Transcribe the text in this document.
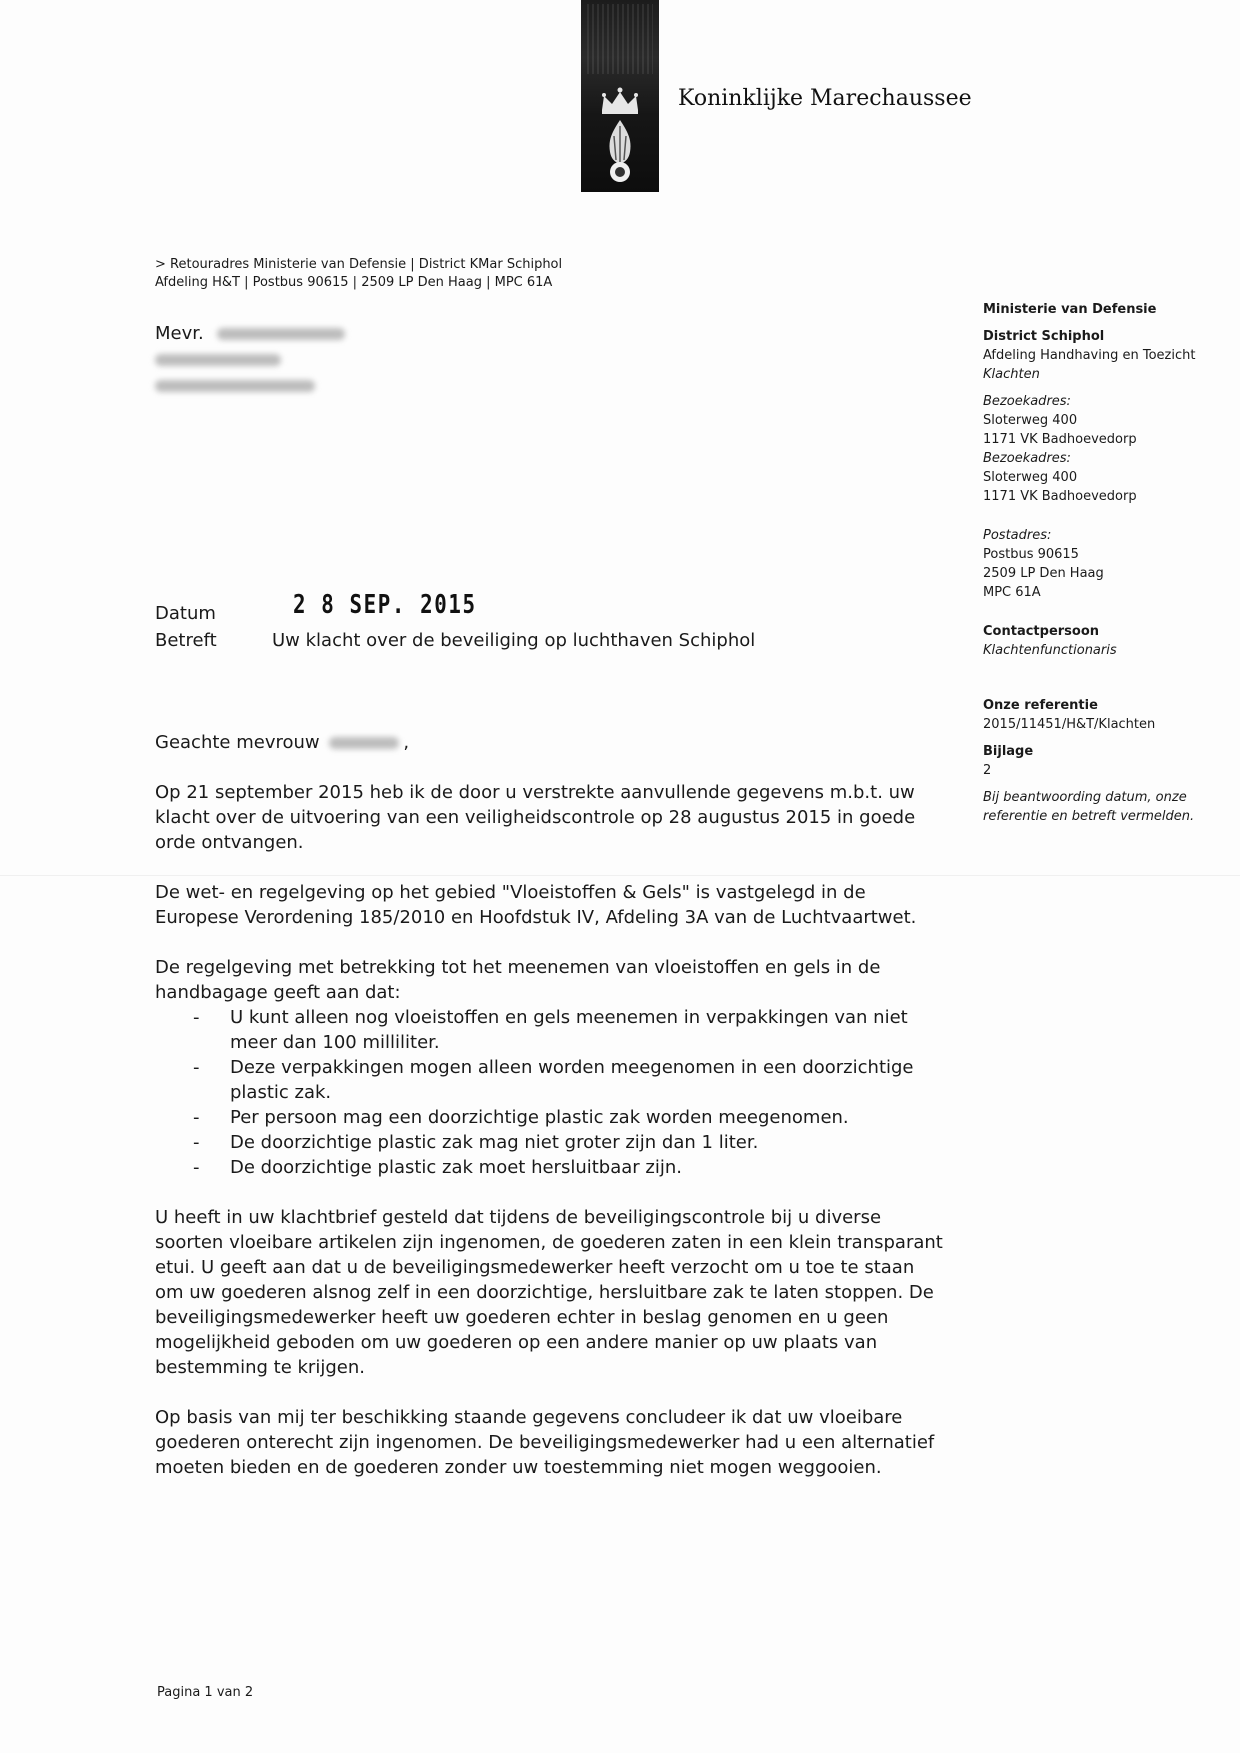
Koninklijke Marechaussee
> Retouradres Ministerie van Defensie | District KMar Schiphol
Afdeling H&T | Postbus 90615 | 2509 LP Den Haag | MPC 61A
Mevr.
Datum	2 8 SEP. 2015
Betreft	Uw klacht over de beveiliging op luchthaven Schiphol

Ministerie van Defensie

District Schiphol

Afdeling Handhaving en Toezicht

Klachten

Bezoekadres:

Sloterweg 400

1171 VK Badhoevedorp

Bezoekadres:

Sloterweg 400

1171 VK Badhoevedorp

Postadres:

Postbus 90615

2509 LP Den Haag

MPC 61A

Contactpersoon

Klachtenfunctionaris

Onze referentie

2015/11451/H&T/Klachten

Bijlage

2

Bij beantwoording datum, onze

referentie en betreft vermelden.

Geachte mevrouw	,

Op 21 september 2015 heb ik de door u verstrekte aanvullende gegevens m.b.t. uw klacht over de uitvoering van een veiligheidscontrole op 28 augustus 2015 in goede orde ontvangen.

De wet- en regelgeving op het gebied "Vloeistoffen & Gels" is vastgelegd in de Europese Verordening 185/2010 en Hoofdstuk IV, Afdeling 3A van de Luchtvaartwet.

De regelgeving met betrekking tot het meenemen van vloeistoffen en gels in de handbagage geeft aan dat:

- U kunt alleen nog vloeistoffen en gels meenemen in verpakkingen van niet meer dan 100 milliliter.
- Deze verpakkingen mogen alleen worden meegenomen in een doorzichtige plastic zak.
- Per persoon mag een doorzichtige plastic zak worden meegenomen.
- De doorzichtige plastic zak mag niet groter zijn dan 1 liter.
- De doorzichtige plastic zak moet hersluitbaar zijn.

U heeft in uw klachtbrief gesteld dat tijdens de beveiligingscontrole bij u diverse soorten vloeibare artikelen zijn ingenomen, de goederen zaten in een klein transparant etui. U geeft aan dat u de beveiligingsmedewerker heeft verzocht om u toe te staan om uw goederen alsnog zelf in een doorzichtige, hersluitbare zak te laten stoppen. De beveiligingsmedewerker heeft uw goederen echter in beslag genomen en u geen mogelijkheid geboden om uw goederen op een andere manier op uw plaats van bestemming te krijgen.

Op basis van mij ter beschikking staande gegevens concludeer ik dat uw vloeibare goederen onterecht zijn ingenomen. De beveiligingsmedewerker had u een alternatief moeten bieden en de goederen zonder uw toestemming niet mogen weggooien.

Pagina 1 van 2
